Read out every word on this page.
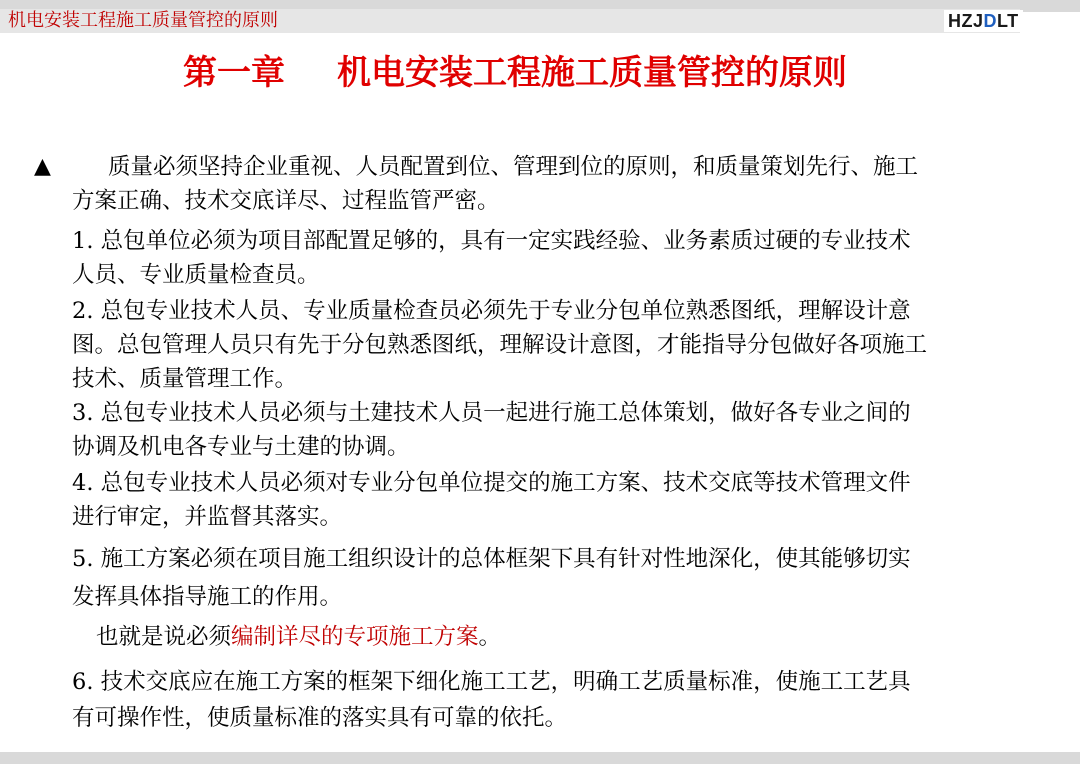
机电安装工程施工质量管控的原则	HZJDLT
第一章 机电安装工程施工质量管控的原则
▲	质量必须坚持企业重视、人员配置到位、管理到位的原则，和质量策划先行、施工
方案正确、技术交底详尽、过程监管严密。
1. 总包单位必须为项目部配置足够的，具有一定实践经验、业务素质过硬的专业技术
人员、专业质量检查员。
2. 总包专业技术人员、专业质量检查员必须先于专业分包单位熟悉图纸，理解设计意
图。总包管理人员只有先于分包熟悉图纸，理解设计意图，才能指导分包做好各项施工
技术、质量管理工作。
3. 总包专业技术人员必须与土建技术人员一起进行施工总体策划，做好各专业之间的
协调及机电各专业与土建的协调。
4. 总包专业技术人员必须对专业分包单位提交的施工方案、技术交底等技术管理文件
进行审定，并监督其落实。
5. 施工方案必须在项目施工组织设计的总体框架下具有针对性地深化，使其能够切实
发挥具体指导施工的作用。
也就是说必须编制详尽的专项施工方案。
6. 技术交底应在施工方案的框架下细化施工工艺，明确工艺质量标准，使施工工艺具
有可操作性，使质量标准的落实具有可靠的依托。
